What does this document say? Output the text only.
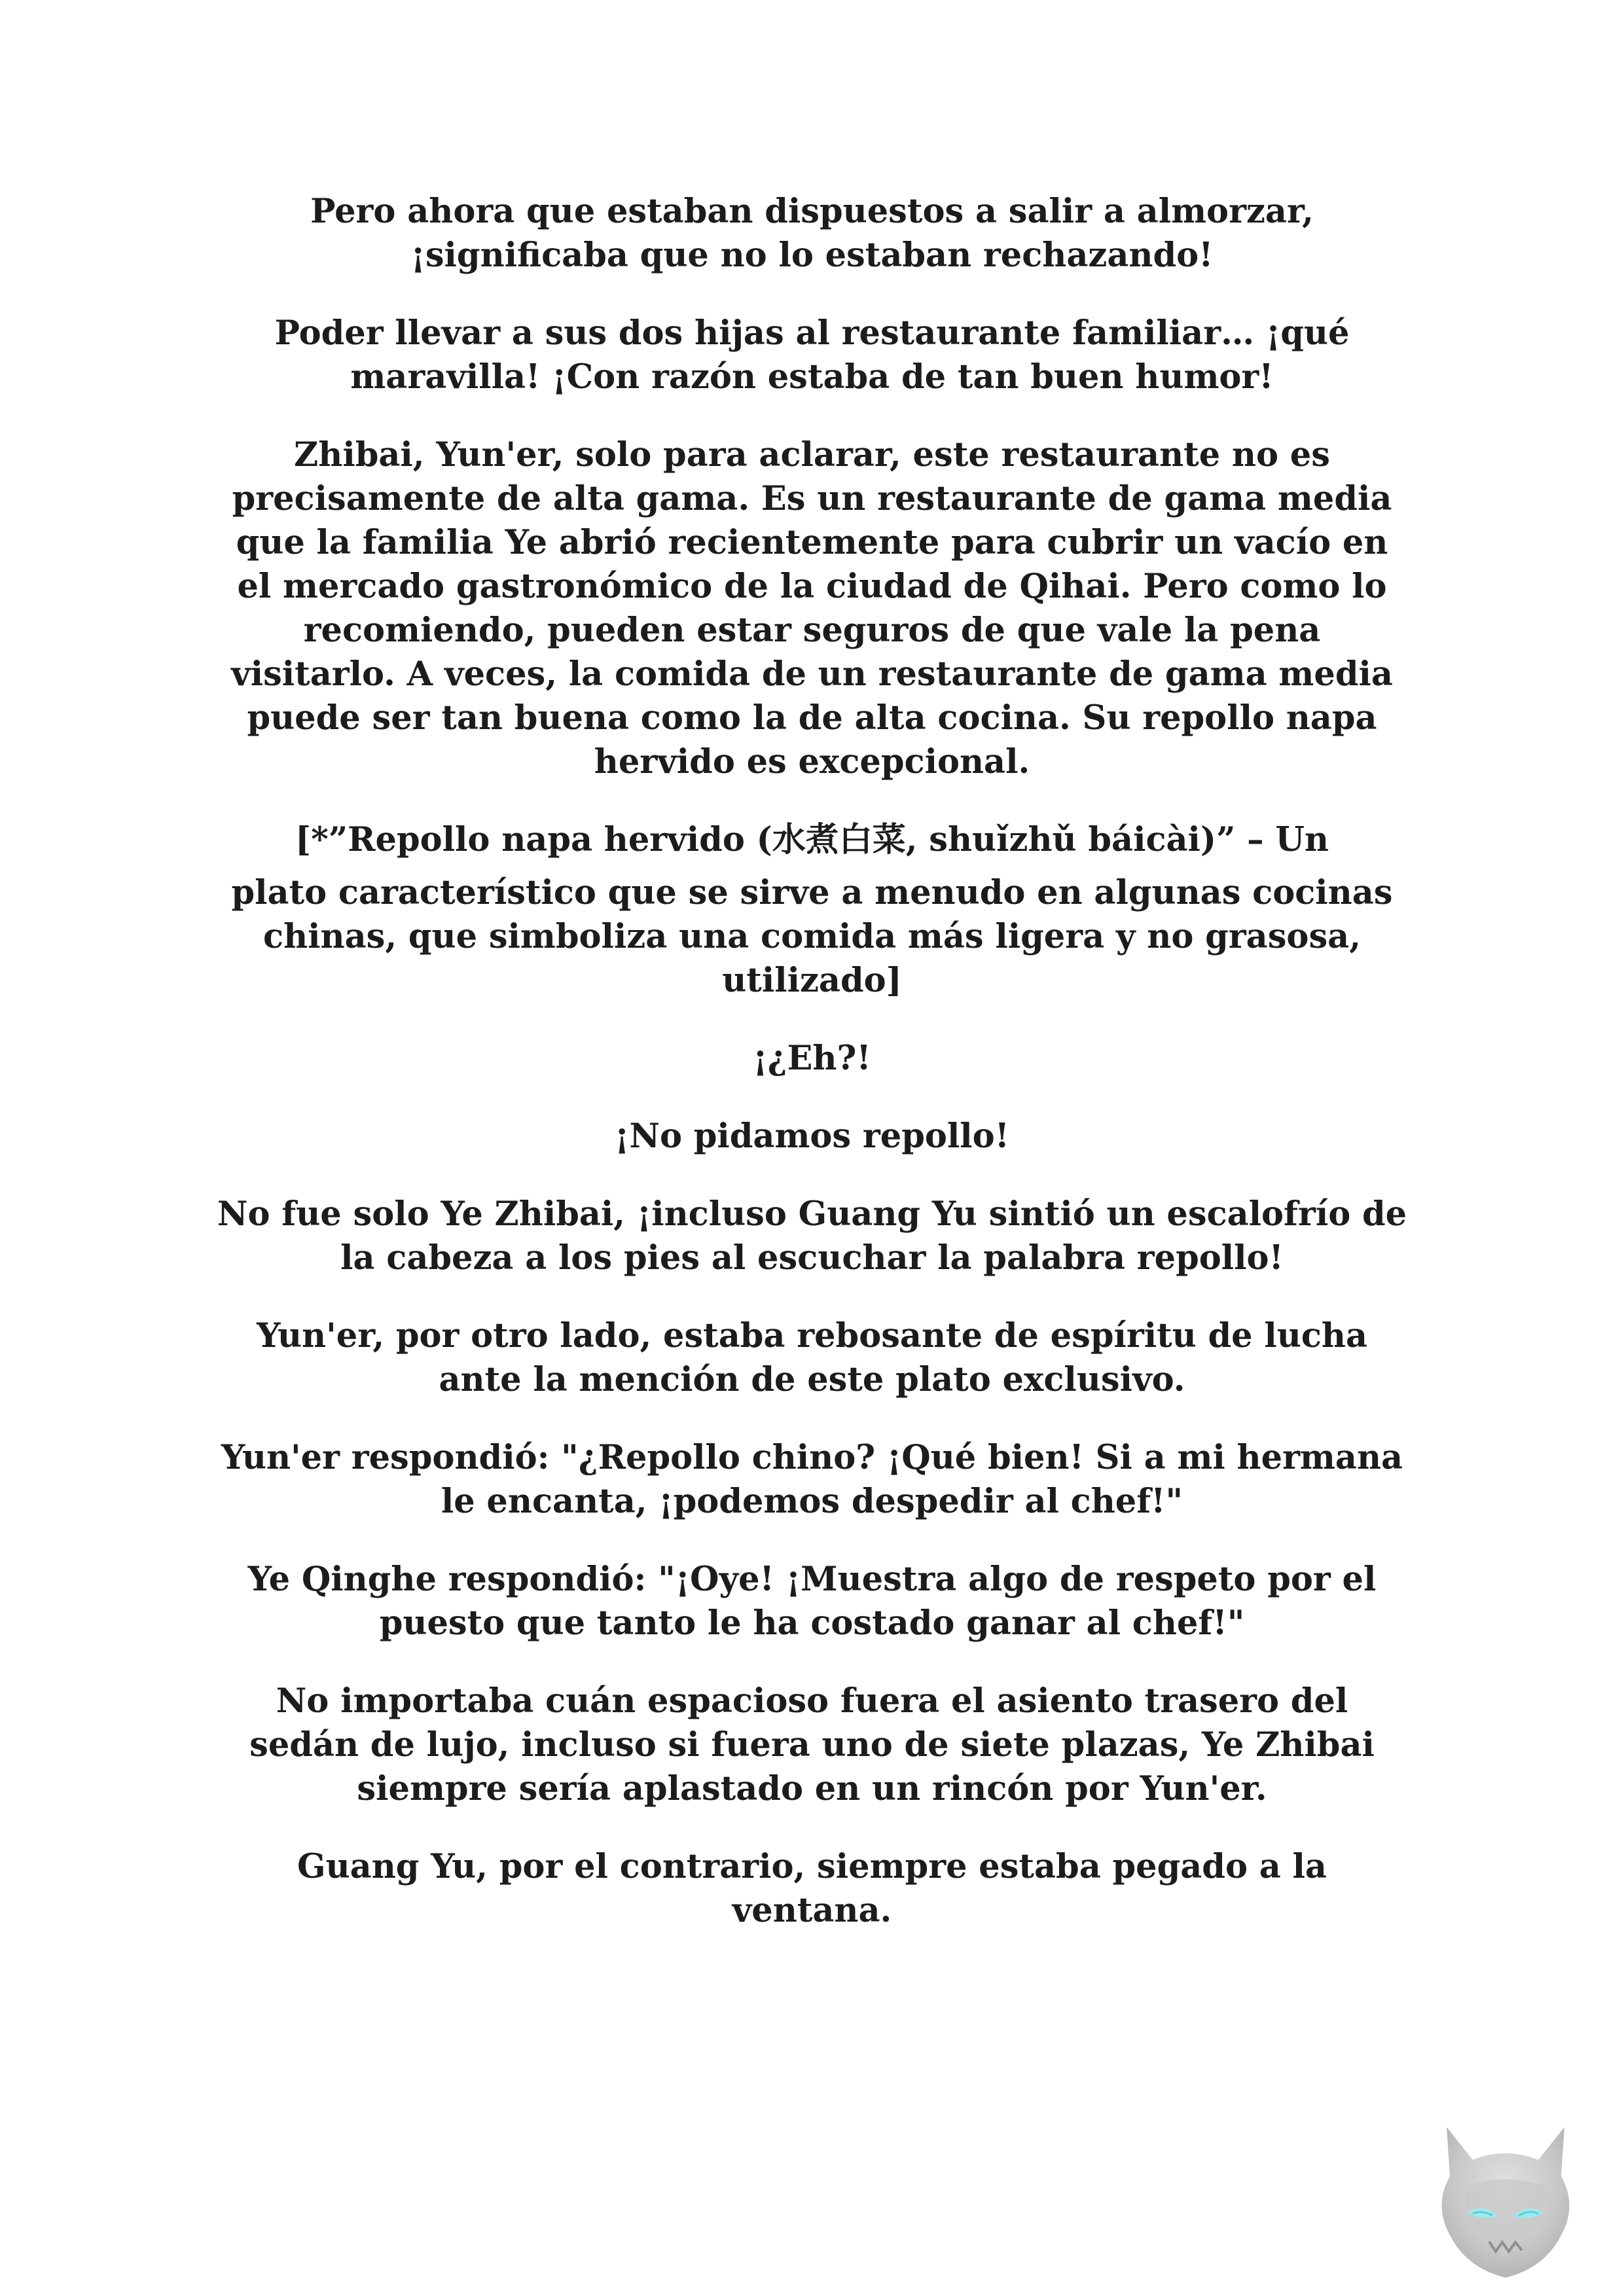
Pero ahora que estaban dispuestos a salir a almorzar, ¡significaba que no lo estaban rechazando!

Poder llevar a sus dos hijas al restaurante familiar… ¡qué maravilla! ¡Con razón estaba de tan buen humor!

Zhibai, Yun'er, solo para aclarar, este restaurante no es precisamente de alta gama. Es un restaurante de gama media que la familia Ye abrió recientemente para cubrir un vacío en el mercado gastronómico de la ciudad de Qihai. Pero como lo recomiendo, pueden estar seguros de que vale la pena visitarlo. A veces, la comida de un restaurante de gama media puede ser tan buena como la de alta cocina. Su repollo napa hervido es excepcional.

[*”Repollo napa hervido (水煮白菜, shuǐzhǔ báicài)” – Un

plato característico que se sirve a menudo en algunas cocinas chinas, que simboliza una comida más ligera y no grasosa, utilizado]

¡¿Eh?!

¡No pidamos repollo!

No fue solo Ye Zhibai, ¡incluso Guang Yu sintió un escalofrío de la cabeza a los pies al escuchar la palabra repollo!

Yun'er, por otro lado, estaba rebosante de espíritu de lucha ante la mención de este plato exclusivo.

Yun'er respondió: "¿Repollo chino? ¡Qué bien! Si a mi hermana le encanta, ¡podemos despedir al chef!"

Ye Qinghe respondió: "¡Oye! ¡Muestra algo de respeto por el puesto que tanto le ha costado ganar al chef!"

No importaba cuán espacioso fuera el asiento trasero del sedán de lujo, incluso si fuera uno de siete plazas, Ye Zhibai siempre sería aplastado en un rincón por Yun'er.

Guang Yu, por el contrario, siempre estaba pegado a la ventana.
